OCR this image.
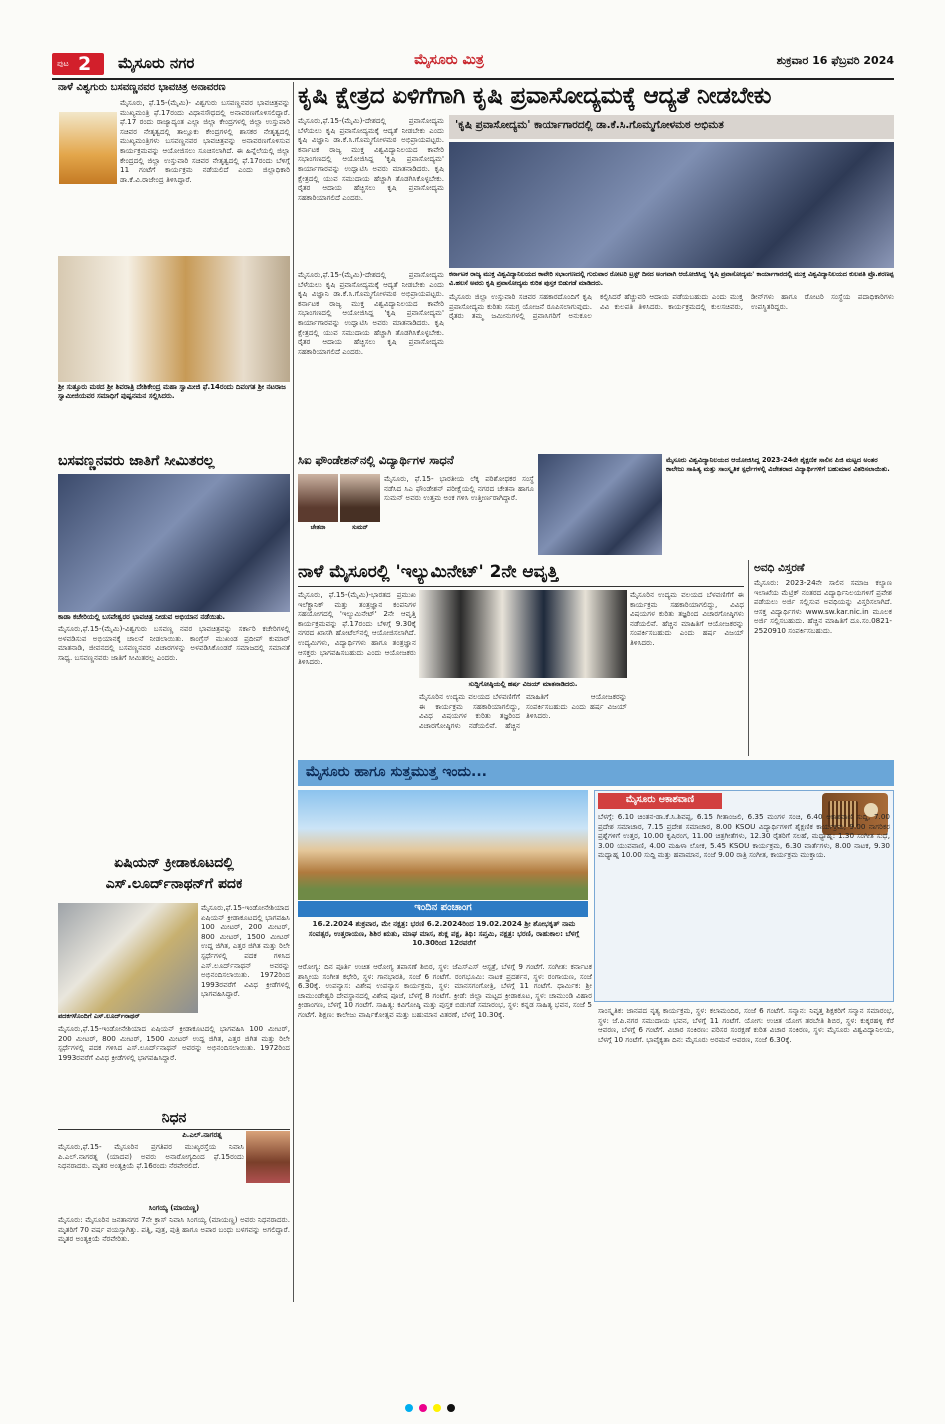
ಪುಟ 2 ಮೈಸೂರು ನಗರ	ಮೈಸೂರು ಮಿತ್ರ	ಶುಕ್ರವಾರ 16 ಫೆಬ್ರವರಿ 2024
ನಾಳೆ ವಿಶ್ವಗುರು ಬಸವಣ್ಣನವರ ಭಾವಚಿತ್ರ ಅನಾವರಣ
ಮೈಸೂರು, ಫೆ.15-(ಮೈಮಿ)- ವಿಶ್ವಗುರು ಬಸವಣ್ಣನವರ ಭಾವಚಿತ್ರವನ್ನು ಮುಖ್ಯಮಂತ್ರಿ ಫೆ.17ರಂದು ವಿಧಾನಸೌಧದಲ್ಲಿ ಅನಾವರಣಗೊಳಿಸಲಿದ್ದಾರೆ. ಫೆ.17 ರಂದು ರಾಜ್ಯಾದ್ಯಂತ ಎಲ್ಲಾ ಜಿಲ್ಲಾ ಕೇಂದ್ರಗಳಲ್ಲಿ ಜಿಲ್ಲಾ ಉಸ್ತುವಾರಿ ಸಚಿವರ ನೇತೃತ್ವದಲ್ಲಿ ತಾಲ್ಲೂಕು ಕೇಂದ್ರಗಳಲ್ಲಿ ಶಾಸಕರ ನೇತೃತ್ವದಲ್ಲಿ ಮುಖ್ಯಮಂತ್ರಿಗಳು ಬಸವಣ್ಣನವರ ಭಾವಚಿತ್ರವನ್ನು ಅನಾವರಣಗೊಳಿಸುವ ಕಾರ್ಯಕ್ರಮವನ್ನು ಆಯೋಜಿಸಲು ಸೂಚಿಸಲಾಗಿದೆ. ಈ ಹಿನ್ನೆಲೆಯಲ್ಲಿ ಜಿಲ್ಲಾ ಕೇಂದ್ರದಲ್ಲಿ ಜಿಲ್ಲಾ ಉಸ್ತುವಾರಿ ಸಚಿವರ ನೇತೃತ್ವದಲ್ಲಿ ಫೆ.17ರಂದು ಬೆಳಿಗ್ಗೆ 11 ಗಂಟೆಗೆ ಕಾರ್ಯಕ್ರಮ ನಡೆಯಲಿದೆ ಎಂದು ಜಿಲ್ಲಾಧಿಕಾರಿ ಡಾ.ಕೆ.ವಿ.ರಾಜೇಂದ್ರ ತಿಳಿಸಿದ್ದಾರೆ.
ಶ್ರೀ ಸುತ್ತೂರು ಮಠದ ಶ್ರೀ ಶಿವರಾತ್ರಿ ದೇಶಿಕೇಂದ್ರ ಮಹಾ ಸ್ವಾಮೀಜಿ ಫೆ.14ರಂದು ದಿವಂಗತ ಶ್ರೀ ನಟರಾಜ ಸ್ವಾಮೀಜಿಯವರ ಸಮಾಧಿಗೆ ಪುಷ್ಪನಮನ ಸಲ್ಲಿಸಿದರು.
ಬಸವಣ್ಣನವರು ಜಾತಿಗೆ ಸೀಮಿತರಲ್ಲ
ಕಾಡಾ ಕಚೇರಿಯಲ್ಲಿ ಬಸವೇಶ್ವರರ ಭಾವಚಿತ್ರ ನೀಡುವ ಅಭಿಯಾನ ನಡೆಯಿತು.
ಮೈಸೂರು,ಫೆ.15-(ಮೈಮಿ)-ವಿಶ್ವಗುರು ಬಸವಣ್ಣ ನವರ ಭಾವಚಿತ್ರವನ್ನು ಸರ್ಕಾರಿ ಕಚೇರಿಗಳಲ್ಲಿ ಅಳವಡಿಸುವ ಅಭಿಯಾನಕ್ಕೆ ಚಾಲನೆ ನೀಡಲಾಯಿತು. ಕಾಂಗ್ರೆಸ್ ಮುಖಂಡ ಪ್ರದೀಪ್ ಕುಮಾರ್ ಮಾತನಾಡಿ, ಜೀವನದಲ್ಲಿ ಬಸವಣ್ಣನವರ ವಿಚಾರಗಳನ್ನು ಅಳವಡಿಸಿಕೊಂಡರೆ ಸಮಾಜದಲ್ಲಿ ಸಮಾನತೆ ಸಾಧ್ಯ. ಬಸವಣ್ಣನವರು ಜಾತಿಗೆ ಸೀಮಿತರಲ್ಲ ಎಂದರು.
ಏಷಿಯನ್ ಕ್ರೀಡಾಕೂಟದಲ್ಲಿ
ಎಸ್.ಲೂರ್ದ್‌ನಾಥನ್‌ಗೆ ಪದಕ
ಪದಕಗಳೊಂದಿಗೆ ಎಸ್.ಲೂರ್ದ್‌ನಾಥನ್
ಮೈಸೂರು,ಫೆ.15-ಇಂಡೋನೇಶಿಯಾದ ಏಷಿಯನ್ ಕ್ರೀಡಾಕೂಟದಲ್ಲಿ ಭಾಗವಹಿಸಿ 100 ಮೀಟರ್, 200 ಮೀಟರ್, 800 ಮೀಟರ್, 1500 ಮೀಟರ್ ಉದ್ದ ಜಿಗಿತ, ಎತ್ತರ ಜಿಗಿತ ಮತ್ತು ರಿಲೇ ಸ್ಪರ್ಧೆಗಳಲ್ಲಿ ಪದಕ ಗಳಿಸಿದ ಎಸ್.ಲೂರ್ದ್‌ನಾಥನ್ ಅವರನ್ನು ಅಭಿನಂದಿಸಲಾಯಿತು. 1972ರಿಂದ 1993ರವರೆಗೆ ವಿವಿಧ ಕ್ರೀಡೆಗಳಲ್ಲಿ ಭಾಗವಹಿಸಿದ್ದಾರೆ.
ಮೈಸೂರು,ಫೆ.15-ಇಂಡೋನೇಶಿಯಾದ ಏಷಿಯನ್ ಕ್ರೀಡಾಕೂಟದಲ್ಲಿ ಭಾಗವಹಿಸಿ 100 ಮೀಟರ್, 200 ಮೀಟರ್, 800 ಮೀಟರ್, 1500 ಮೀಟರ್ ಉದ್ದ ಜಿಗಿತ, ಎತ್ತರ ಜಿಗಿತ ಮತ್ತು ರಿಲೇ ಸ್ಪರ್ಧೆಗಳಲ್ಲಿ ಪದಕ ಗಳಿಸಿದ ಎಸ್.ಲೂರ್ದ್‌ನಾಥನ್ ಅವರನ್ನು ಅಭಿನಂದಿಸಲಾಯಿತು. 1972ರಿಂದ 1993ರವರೆಗೆ ವಿವಿಧ ಕ್ರೀಡೆಗಳಲ್ಲಿ ಭಾಗವಹಿಸಿದ್ದಾರೆ.
ನಿಧನ
ಪಿ.ಎಲ್.ನಾಗರತ್ನ
ಮೈಸೂರು,ಫೆ.15- ಮೈಸೂರಿನ ಪ್ರಗತಿಪರ ಮುಖ್ಯರಸ್ತೆಯ ನಿವಾಸಿ ಪಿ.ಎಲ್.ನಾಗರತ್ನ (ಯಾದವ) ಅವರು ಅನಾರೋಗ್ಯದಿಂದ ಫೆ.15ರಂದು ನಿಧನರಾದರು. ಮೃತರ ಅಂತ್ಯಕ್ರಿಯೆ ಫೆ.16ರಂದು ನೆರವೇರಲಿದೆ.
ಸಿಂಗಯ್ಯ (ಮಾಯಣ್ಣ)
ಮೈಸೂರು: ಮೈಸೂರಿನ ಜನತಾನಗರ 7ನೇ ಕ್ರಾಸ್ ನಿವಾಸಿ ಸಿಂಗಯ್ಯ (ಮಾಯಣ್ಣ) ಅವರು ನಿಧನರಾದರು. ಮೃತರಿಗೆ 70 ವರ್ಷ ವಯಸ್ಸಾಗಿತ್ತು. ಪತ್ನಿ, ಪುತ್ರ, ಪುತ್ರಿ ಹಾಗೂ ಅಪಾರ ಬಂಧು ಬಳಗವನ್ನು ಅಗಲಿದ್ದಾರೆ. ಮೃತರ ಅಂತ್ಯಕ್ರಿಯೆ ನೆರವೇರಿತು.
ಕೃಷಿ ಕ್ಷೇತ್ರದ ಏಳಿಗೆಗಾಗಿ ಕೃಷಿ ಪ್ರವಾಸೋದ್ಯಮಕ್ಕೆ ಆದ್ಯತೆ ನೀಡಬೇಕು
'ಕೃಷಿ ಪ್ರವಾಸೋದ್ಯಮ' ಕಾರ್ಯಾಗಾರದಲ್ಲಿ ಡಾ.ಕೆ.ಸಿ.ಗೊಮ್ಮಗೋಳಮಠ ಅಭಿಮತ
ಮೈಸೂರು,ಫೆ.15-(ಮೈಮಿ)-ದೇಶದಲ್ಲಿ ಪ್ರವಾಸೋದ್ಯಮ ಬೆಳೆಯಲು ಕೃಷಿ ಪ್ರವಾಸೋದ್ಯಮಕ್ಕೆ ಆದ್ಯತೆ ನೀಡಬೇಕು ಎಂದು ಕೃಷಿ ವಿಜ್ಞಾನಿ ಡಾ.ಕೆ.ಸಿ.ಗೊಮ್ಮಗೋಳಮಠ ಅಭಿಪ್ರಾಯಪಟ್ಟರು. ಕರ್ನಾಟಕ ರಾಜ್ಯ ಮುಕ್ತ ವಿಶ್ವವಿದ್ಯಾನಿಲಯದ ಕಾವೇರಿ ಸಭಾಂಗಣದಲ್ಲಿ ಆಯೋಜಿಸಿದ್ದ 'ಕೃಷಿ ಪ್ರವಾಸೋದ್ಯಮ' ಕಾರ್ಯಾಗಾರವನ್ನು ಉದ್ಘಾಟಿಸಿ ಅವರು ಮಾತನಾಡಿದರು. ಕೃಷಿ ಕ್ಷೇತ್ರದಲ್ಲಿ ಯುವ ಸಮುದಾಯ ಹೆಚ್ಚಾಗಿ ತೊಡಗಿಸಿಕೊಳ್ಳಬೇಕು. ರೈತರ ಆದಾಯ ಹೆಚ್ಚಿಸಲು ಕೃಷಿ ಪ್ರವಾಸೋದ್ಯಮ ಸಹಕಾರಿಯಾಗಲಿದೆ ಎಂದರು.
ಕರ್ನಾಟಕ ರಾಜ್ಯ ಮುಕ್ತ ವಿಶ್ವವಿದ್ಯಾನಿಲಯದ ಕಾವೇರಿ ಸಭಾಂಗಣದಲ್ಲಿ ಗುರುವಾರ ರೋಟರಿ ಟ್ರಸ್ಟ್ ದಿನದ ಅಂಗವಾಗಿ ಆಯೋಜಿಸಿದ್ದ 'ಕೃಷಿ ಪ್ರವಾಸೋದ್ಯಮ' ಕಾರ್ಯಾಗಾರದಲ್ಲಿ ಮುಕ್ತ ವಿಶ್ವವಿದ್ಯಾನಿಲಯದ ಕುಲಪತಿ ಪ್ರೊ.ಶರಣಪ್ಪ ವಿ.ಹಲಸೆ ಅವರು ಕೃಷಿ ಪ್ರವಾಸೋದ್ಯಮ ಕುರಿತ ಪುಸ್ತಕ ಬಿಡುಗಡೆ ಮಾಡಿದರು.
ಮೈಸೂರು ಜಿಲ್ಲಾ ಉಸ್ತುವಾರಿ ಸಚಿವರ ಸಹಕಾರದೊಂದಿಗೆ ಕೃಷಿ ಪ್ರವಾಸೋದ್ಯಮ ಕುರಿತು ಸಮಗ್ರ ಯೋಜನೆ ರೂಪಿಸಲಾಗುವುದು. ರೈತರು ತಮ್ಮ ಜಮೀನುಗಳಲ್ಲಿ ಪ್ರವಾಸಿಗರಿಗೆ ಅನುಕೂಲ ಕಲ್ಪಿಸಿದರೆ ಹೆಚ್ಚುವರಿ ಆದಾಯ ಪಡೆಯಬಹುದು ಎಂದು ಮುಕ್ತ ವಿವಿ ಕುಲಪತಿ ತಿಳಿಸಿದರು. ಕಾರ್ಯಕ್ರಮದಲ್ಲಿ ಕುಲಸಚಿವರು, ಡೀನ್‌ಗಳು ಹಾಗೂ ರೋಟರಿ ಸಂಸ್ಥೆಯ ಪದಾಧಿಕಾರಿಗಳು ಉಪಸ್ಥಿತರಿದ್ದರು.
ಮೈಸೂರು,ಫೆ.15-(ಮೈಮಿ)-ದೇಶದಲ್ಲಿ ಪ್ರವಾಸೋದ್ಯಮ ಬೆಳೆಯಲು ಕೃಷಿ ಪ್ರವಾಸೋದ್ಯಮಕ್ಕೆ ಆದ್ಯತೆ ನೀಡಬೇಕು ಎಂದು ಕೃಷಿ ವಿಜ್ಞಾನಿ ಡಾ.ಕೆ.ಸಿ.ಗೊಮ್ಮಗೋಳಮಠ ಅಭಿಪ್ರಾಯಪಟ್ಟರು. ಕರ್ನಾಟಕ ರಾಜ್ಯ ಮುಕ್ತ ವಿಶ್ವವಿದ್ಯಾನಿಲಯದ ಕಾವೇರಿ ಸಭಾಂಗಣದಲ್ಲಿ ಆಯೋಜಿಸಿದ್ದ 'ಕೃಷಿ ಪ್ರವಾಸೋದ್ಯಮ' ಕಾರ್ಯಾಗಾರವನ್ನು ಉದ್ಘಾಟಿಸಿ ಅವರು ಮಾತನಾಡಿದರು. ಕೃಷಿ ಕ್ಷೇತ್ರದಲ್ಲಿ ಯುವ ಸಮುದಾಯ ಹೆಚ್ಚಾಗಿ ತೊಡಗಿಸಿಕೊಳ್ಳಬೇಕು. ರೈತರ ಆದಾಯ ಹೆಚ್ಚಿಸಲು ಕೃಷಿ ಪ್ರವಾಸೋದ್ಯಮ ಸಹಕಾರಿಯಾಗಲಿದೆ ಎಂದರು.
ಸಿಐ ಫೌಂಡೇಶನ್‌ನಲ್ಲಿ ವಿದ್ಯಾರ್ಥಿಗಳ ಸಾಧನೆ
ಚೇತನಾ	ಸುಮನ್
ಮೈಸೂರು, ಫೆ.15- ಭಾರತೀಯ ಲೆಕ್ಕ ಪರಿಶೋಧಕರ ಸಂಸ್ಥೆ ನಡೆಸಿದ ಸಿಎ ಫೌಂಡೇಶನ್ ಪರೀಕ್ಷೆಯಲ್ಲಿ ನಗರದ ಚೇತನಾ ಹಾಗೂ ಸುಮನ್ ಅವರು ಉತ್ತಮ ಅಂಕ ಗಳಿಸಿ ಉತ್ತೀರ್ಣರಾಗಿದ್ದಾರೆ.
ಮೈಸೂರು ವಿಶ್ವವಿದ್ಯಾನಿಲಯದ ಆಯೋಜಿಸಿದ್ದ 2023-24ನೇ ಶೈಕ್ಷಣಿಕ ಸಾಲಿನ ಪಿಜಿ ಮಟ್ಟದ ಅಂತರ ಕಾಲೇಜು ಸಾಹಿತ್ಯ ಮತ್ತು ಸಾಂಸ್ಕೃತಿಕ ಸ್ಪರ್ಧೆಗಳಲ್ಲಿ ವಿಜೇತರಾದ ವಿದ್ಯಾರ್ಥಿಗಳಿಗೆ ಬಹುಮಾನ ವಿತರಿಸಲಾಯಿತು.
ನಾಳೆ ಮೈಸೂರಲ್ಲಿ 'ಇಲ್ಯುಮಿನೇಟ್' 2ನೇ ಆವೃತ್ತಿ
ಮೈಸೂರು, ಫೆ.15-(ಮೈಮಿ)-ಭಾರತದ ಪ್ರಮುಖ ಇಲೆಕ್ಟ್ರಾನಿಕ್ ಮತ್ತು ತಂತ್ರಜ್ಞಾನ ಕಂಪನಿಗಳ ಸಹಯೋಗದಲ್ಲಿ 'ಇಲ್ಯುಮಿನೇಟ್' 2ನೇ ಆವೃತ್ತಿ ಕಾರ್ಯಕ್ರಮವನ್ನು ಫೆ.17ರಂದು ಬೆಳಿಗ್ಗೆ 9.30ಕ್ಕೆ ನಗರದ ಖಾಸಗಿ ಹೋಟೆಲ್‌ನಲ್ಲಿ ಆಯೋಜಿಸಲಾಗಿದೆ. ಉದ್ಯಮಿಗಳು, ವಿದ್ಯಾರ್ಥಿಗಳು ಹಾಗೂ ತಂತ್ರಜ್ಞಾನ ಆಸಕ್ತರು ಭಾಗವಹಿಸಬಹುದು ಎಂದು ಆಯೋಜಕರು ತಿಳಿಸಿದರು.
ಸುದ್ದಿಗೋಷ್ಠಿಯಲ್ಲಿ ಹರ್ಷ ವಿಜಯ್ ಮಾತನಾಡಿದರು.
ಮೈಸೂರಿನ ಉದ್ಯಮ ವಲಯದ ಬೆಳವಣಿಗೆಗೆ ಈ ಕಾರ್ಯಕ್ರಮ ಸಹಕಾರಿಯಾಗಲಿದ್ದು, ವಿವಿಧ ವಿಷಯಗಳ ಕುರಿತು ತಜ್ಞರಿಂದ ವಿಚಾರಗೋಷ್ಠಿಗಳು ನಡೆಯಲಿವೆ. ಹೆಚ್ಚಿನ ಮಾಹಿತಿಗೆ ಆಯೋಜಕರನ್ನು ಸಂಪರ್ಕಿಸಬಹುದು ಎಂದು ಹರ್ಷ ವಿಜಯ್ ತಿಳಿಸಿದರು.
ಮೈಸೂರಿನ ಉದ್ಯಮ ವಲಯದ ಬೆಳವಣಿಗೆಗೆ ಈ ಕಾರ್ಯಕ್ರಮ ಸಹಕಾರಿಯಾಗಲಿದ್ದು, ವಿವಿಧ ವಿಷಯಗಳ ಕುರಿತು ತಜ್ಞರಿಂದ ವಿಚಾರಗೋಷ್ಠಿಗಳು ನಡೆಯಲಿವೆ. ಹೆಚ್ಚಿನ ಮಾಹಿತಿಗೆ ಆಯೋಜಕರನ್ನು ಸಂಪರ್ಕಿಸಬಹುದು ಎಂದು ಹರ್ಷ ವಿಜಯ್ ತಿಳಿಸಿದರು.
ಅವಧಿ ವಿಸ್ತರಣೆ
ಮೈಸೂರು: 2023-24ನೇ ಸಾಲಿನ ಸಮಾಜ ಕಲ್ಯಾಣ ಇಲಾಖೆಯ ಮೆಟ್ರಿಕ್ ನಂತರದ ವಿದ್ಯಾರ್ಥಿನಿಲಯಗಳಿಗೆ ಪ್ರವೇಶ ಪಡೆಯಲು ಅರ್ಜಿ ಸಲ್ಲಿಸುವ ಅವಧಿಯನ್ನು ವಿಸ್ತರಿಸಲಾಗಿದೆ. ಆಸಕ್ತ ವಿದ್ಯಾರ್ಥಿಗಳು www.sw.kar.nic.in ಮೂಲಕ ಅರ್ಜಿ ಸಲ್ಲಿಸಬಹುದು. ಹೆಚ್ಚಿನ ಮಾಹಿತಿಗೆ ದೂ.ಸಂ.0821-2520910 ಸಂಪರ್ಕಿಸಬಹುದು.
ಮೈಸೂರು ಹಾಗೂ ಸುತ್ತಮುತ್ತ ಇಂದು...
ಇಂದಿನ ಪಂಚಾಂಗ
16.2.2024 ಶುಕ್ರವಾರ, ಮೇ ನಕ್ಷತ್ರ: ಭರಣಿ 6.2.2024ರಿಂದ 19.02.2024 ಶ್ರೀ ಶೋಭಕೃತ್ ನಾಮ ಸಂವತ್ಸರ, ಉತ್ತರಾಯಣ, ಶಿಶಿರ ಋತು, ಮಾಘ ಮಾಸ, ಶುಕ್ಲ ಪಕ್ಷ, ತಿಥಿ: ಸಪ್ತಮಿ, ನಕ್ಷತ್ರ: ಭರಣಿ, ರಾಹುಕಾಲ: ಬೆಳಗ್ಗೆ 10.30ರಿಂದ 12ರವರೆಗೆ
ಮೈಸೂರು ಆಕಾಶವಾಣಿ
ಬೆಳಗ್ಗೆ: 6.10 ಚಿಂತನ-ಡಾ.ಕೆ.ಸಿ.ಶಿವಪ್ಪ, 6.15 ಗೀತಾಂಜಲಿ, 6.35 ಮಂಗಳ ಸಂಚಿ, 6.40 ಆಕಾಶವಾಣಿ ಸುದ್ದಿ, 7.00 ಪ್ರದೇಶ ಸಮಾಚಾರ, 7.15 ಪ್ರದೇಶ ಸಮಾಚಾರ, 8.00 KSOU ವಿದ್ಯಾರ್ಥಿಗಳಿಗೆ ಶೈಕ್ಷಣಿಕ ಕಾರ್ಯಕ್ರಮ, 9.00 ನಾಗರಿಕರ ಪ್ರಶ್ನೆಗಳಿಗೆ ಉತ್ತರ, 10.00 ಕೃಷಿರಂಗ, 11.00 ಚಿತ್ರಗೀತೆಗಳು, 12.30 ರೈತರಿಗೆ ಸಲಹೆ, ಮಧ್ಯಾಹ್ನ: 1.30 ಸಂಗೀತ ಸುಧೆ, 3.00 ಯುವವಾಣಿ, 4.00 ಮಹಿಳಾ ಲೋಕ, 5.45 KSOU ಕಾರ್ಯಕ್ರಮ, 6.30 ವಾರ್ತೆಗಳು, 8.00 ನಾಟಕ, 9.30 ಮಧ್ಯಾಹ್ನ 10.00 ಸುದ್ದಿ ಮತ್ತು ಹವಾಮಾನ, ಸಂಜೆ 9.00 ರಾತ್ರಿ ಸಂಗೀತ, ಕಾರ್ಯಕ್ರಮ ಮುಕ್ತಾಯ.
ಆರೋಗ್ಯ: ದಿನ ಪೂರ್ತಿ ಉಚಿತ ಆರೋಗ್ಯ ತಪಾಸಣೆ ಶಿಬಿರ, ಸ್ಥಳ: ಜೆಎಸ್‌ಎಸ್ ಆಸ್ಪತ್ರೆ, ಬೆಳಗ್ಗೆ 9 ಗಂಟೆಗೆ. ಸಂಗೀತ: ಕರ್ನಾಟಕ ಶಾಸ್ತ್ರೀಯ ಸಂಗೀತ ಕಛೇರಿ, ಸ್ಥಳ: ಗಾನಭಾರತಿ, ಸಂಜೆ 6 ಗಂಟೆಗೆ. ರಂಗಭೂಮಿ: ನಾಟಕ ಪ್ರದರ್ಶನ, ಸ್ಥಳ: ರಂಗಾಯಣ, ಸಂಜೆ 6.30ಕ್ಕೆ. ಉಪನ್ಯಾಸ: ವಿಶೇಷ ಉಪನ್ಯಾಸ ಕಾರ್ಯಕ್ರಮ, ಸ್ಥಳ: ಮಾನಸಗಂಗೋತ್ರಿ, ಬೆಳಗ್ಗೆ 11 ಗಂಟೆಗೆ. ಧಾರ್ಮಿಕ: ಶ್ರೀ ಚಾಮುಂಡೇಶ್ವರಿ ದೇವಸ್ಥಾನದಲ್ಲಿ ವಿಶೇಷ ಪೂಜೆ, ಬೆಳಗ್ಗೆ 8 ಗಂಟೆಗೆ. ಕ್ರೀಡೆ: ಜಿಲ್ಲಾ ಮಟ್ಟದ ಕ್ರೀಡಾಕೂಟ, ಸ್ಥಳ: ಚಾಮುಂಡಿ ವಿಹಾರ ಕ್ರೀಡಾಂಗಣ, ಬೆಳಗ್ಗೆ 10 ಗಂಟೆಗೆ. ಸಾಹಿತ್ಯ: ಕವಿಗೋಷ್ಠಿ ಮತ್ತು ಪುಸ್ತಕ ಬಿಡುಗಡೆ ಸಮಾರಂಭ, ಸ್ಥಳ: ಕನ್ನಡ ಸಾಹಿತ್ಯ ಭವನ, ಸಂಜೆ 5 ಗಂಟೆಗೆ. ಶಿಕ್ಷಣ: ಕಾಲೇಜು ವಾರ್ಷಿಕೋತ್ಸವ ಮತ್ತು ಬಹುಮಾನ ವಿತರಣೆ, ಬೆಳಗ್ಗೆ 10.30ಕ್ಕೆ.	ಸಾಂಸ್ಕೃತಿಕ: ಜಾನಪದ ನೃತ್ಯ ಕಾರ್ಯಕ್ರಮ, ಸ್ಥಳ: ಕಲಾಮಂದಿರ, ಸಂಜೆ 6 ಗಂಟೆಗೆ. ಸನ್ಮಾನ: ನಿವೃತ್ತ ಶಿಕ್ಷಕರಿಗೆ ಸನ್ಮಾನ ಸಮಾರಂಭ, ಸ್ಥಳ: ಜೆ.ಪಿ.ನಗರ ಸಮುದಾಯ ಭವನ, ಬೆಳಗ್ಗೆ 11 ಗಂಟೆಗೆ. ಯೋಗ: ಉಚಿತ ಯೋಗ ತರಬೇತಿ ಶಿಬಿರ, ಸ್ಥಳ: ಕುಕ್ಕರಹಳ್ಳಿ ಕೆರೆ ಆವರಣ, ಬೆಳಗ್ಗೆ 6 ಗಂಟೆಗೆ. ವಿಚಾರ ಸಂಕಿರಣ: ಪರಿಸರ ಸಂರಕ್ಷಣೆ ಕುರಿತ ವಿಚಾರ ಸಂಕಿರಣ, ಸ್ಥಳ: ಮೈಸೂರು ವಿಶ್ವವಿದ್ಯಾನಿಲಯ, ಬೆಳಗ್ಗೆ 10 ಗಂಟೆಗೆ. ಭಾವೈಕ್ಯತಾ ದಿನ: ಮೈಸೂರು ಅರಮನೆ ಆವರಣ, ಸಂಜೆ 6.30ಕ್ಕೆ.
